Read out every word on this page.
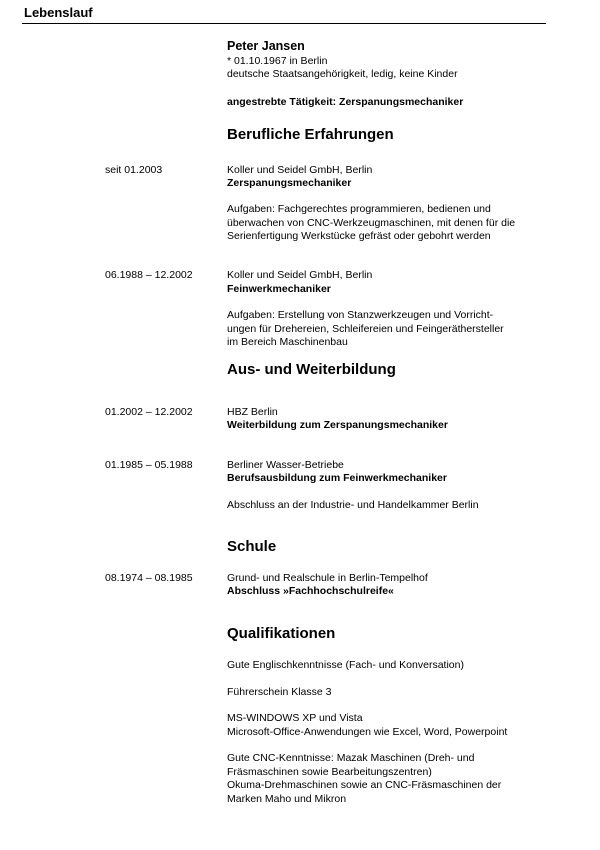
Lebenslauf
Peter Jansen
* 01.10.1967 in Berlin
deutsche Staatsangehörigkeit, ledig, keine Kinder
angestrebte Tätigkeit: Zerspanungsmechaniker
Berufliche Erfahrungen
seit 01.2003	Koller und Seidel GmbH, Berlin
Zerspanungsmechaniker

Aufgaben: Fachgerechtes programmieren, bedienen und

überwachen von CNC-Werkzeugmaschinen, mit denen für die

Serienfertigung Werkstücke gefräst oder gebohrt werden

06.1988 – 12.2002	Koller und Seidel GmbH, Berlin
Feinwerkmechaniker

Aufgaben: Erstellung von Stanzwerkzeugen und Vorricht-

ungen für Drehereien, Schleifereien und Feingeräthersteller

im Bereich Maschinenbau

Aus- und Weiterbildung
01.2002 – 12.2002	HBZ Berlin
Weiterbildung zum Zerspanungsmechaniker
01.1985 – 05.1988	Berliner Wasser-Betriebe
Berufsausbildung zum Feinwerkmechaniker
Abschluss an der Industrie- und Handelkammer Berlin
Schule
08.1974 – 08.1985	Grund- und Realschule in Berlin-Tempelhof
Abschluss »Fachhochschulreife«
Qualifikationen
Gute Englischkenntnisse (Fach- und Konversation)
Führerschein Klasse 3

MS-WINDOWS XP und Vista

Microsoft-Office-Anwendungen wie Excel, Word, Powerpoint

Gute CNC-Kenntnisse: Mazak Maschinen (Dreh- und

Fräsmaschinen sowie Bearbeitungszentren)

Okuma-Drehmaschinen sowie an CNC-Fräsmaschinen der

Marken Maho und Mikron
